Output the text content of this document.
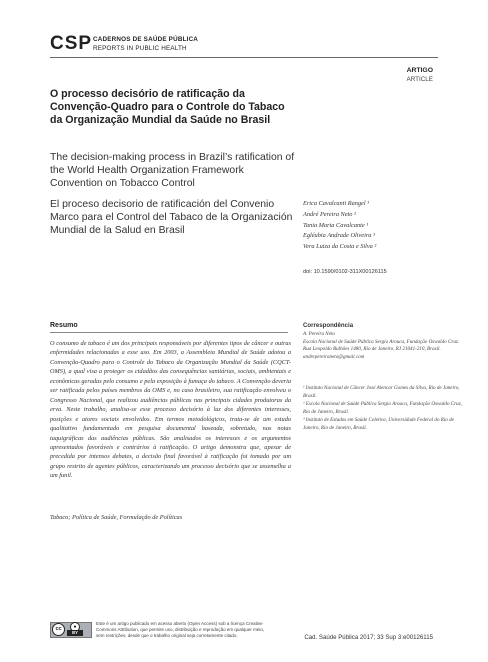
CSP CADERNOS DE SAÚDE PÚBLICA
REPORTS IN PUBLIC HEALTH
ARTIGO
ARTICLE
O processo decisório de ratificação da Convenção-Quadro para o Controle do Tabaco da Organização Mundial da Saúde no Brasil
The decision-making process in Brazil’s ratification of the World Health Organization Framework Convention on Tobacco Control
El proceso decisorio de ratificación del Convenio Marco para el Control del Tabaco de la Organización Mundial de la Salud en Brasil
Erica Cavalcanti Rangel ¹
André Pereira Neto ²
Tania Maria Cavalcante ¹
Egléubia Andrade Oliveira ³
Vera Luiza da Costa e Silva ²
doi: 10.1590/0102-311X00126115
Resumo
O consumo de tabaco é um dos principais responsáveis por diferentes tipos de câncer e outras enfermidades relacionadas a esse uso. Em 2003, a Assembleia Mundial de Saúde adotou a Convenção-Quadro para o Controle do Tabaco da Organização Mundial da Saúde (CQCT-OMS), a qual visa a proteger os cidadãos das consequências sanitárias, sociais, ambientais e econômicas geradas pelo consumo e pela exposição à fumaça do tabaco. A Convenção deveria ser ratificada pelos países membros da OMS e, no caso brasileiro, sua ratificação envolveu o Congresso Nacional, que realizou audiências públicas nas principais cidades produtoras da erva. Neste trabalho, analisa-se esse processo decisório à luz dos diferentes interesses, posições e atores sociais envolvidos. Em termos metodológicos, trata-se de um estudo qualitativo fundamentado em pesquisa documental baseada, sobretudo, nas notas taquigráficas das audiências públicas. São analisados os interesses e os argumentos apresentados favoráveis e contrários à ratificação. O artigo demonstra que, apesar de precedida por intensos debates, a decisão final favorável à ratificação foi tomada por um grupo restrito de agentes públicos, caracterizando um processo decisório que se assemelha a um funil.
Tabaco; Política de Saúde, Formulação de Políticas
Correspondência
A. Pereira Neto
Escola Nacional de Saúde Pública Sergio Arouca, Fundação Oswaldo Cruz.
Rua Leopoldo Bulhões 1480, Rio de Janeiro, RJ 21041-210, Brasil.
andrepereiraneto@gmail.com
¹ Instituto Nacional de Câncer José Alencar Gomes da Silva, Rio de Janeiro, Brasil.
² Escola Nacional de Saúde Pública Sergio Arouca, Fundação Oswaldo Cruz, Rio de Janeiro, Brasil.
³ Instituto de Estudos em Saúde Coletiva, Universidade Federal do Rio de Janeiro, Rio de Janeiro, Brasil.
cc	●
BY
Este é um artigo publicado em acesso aberto (Open Access) sob a licença Creative Commons Attribution, que permite uso, distribuição e reprodução em qualquer meio, sem restrições, desde que o trabalho original seja corretamente citado.	Cad. Saúde Pública 2017; 33 Sup 3:e00126115
